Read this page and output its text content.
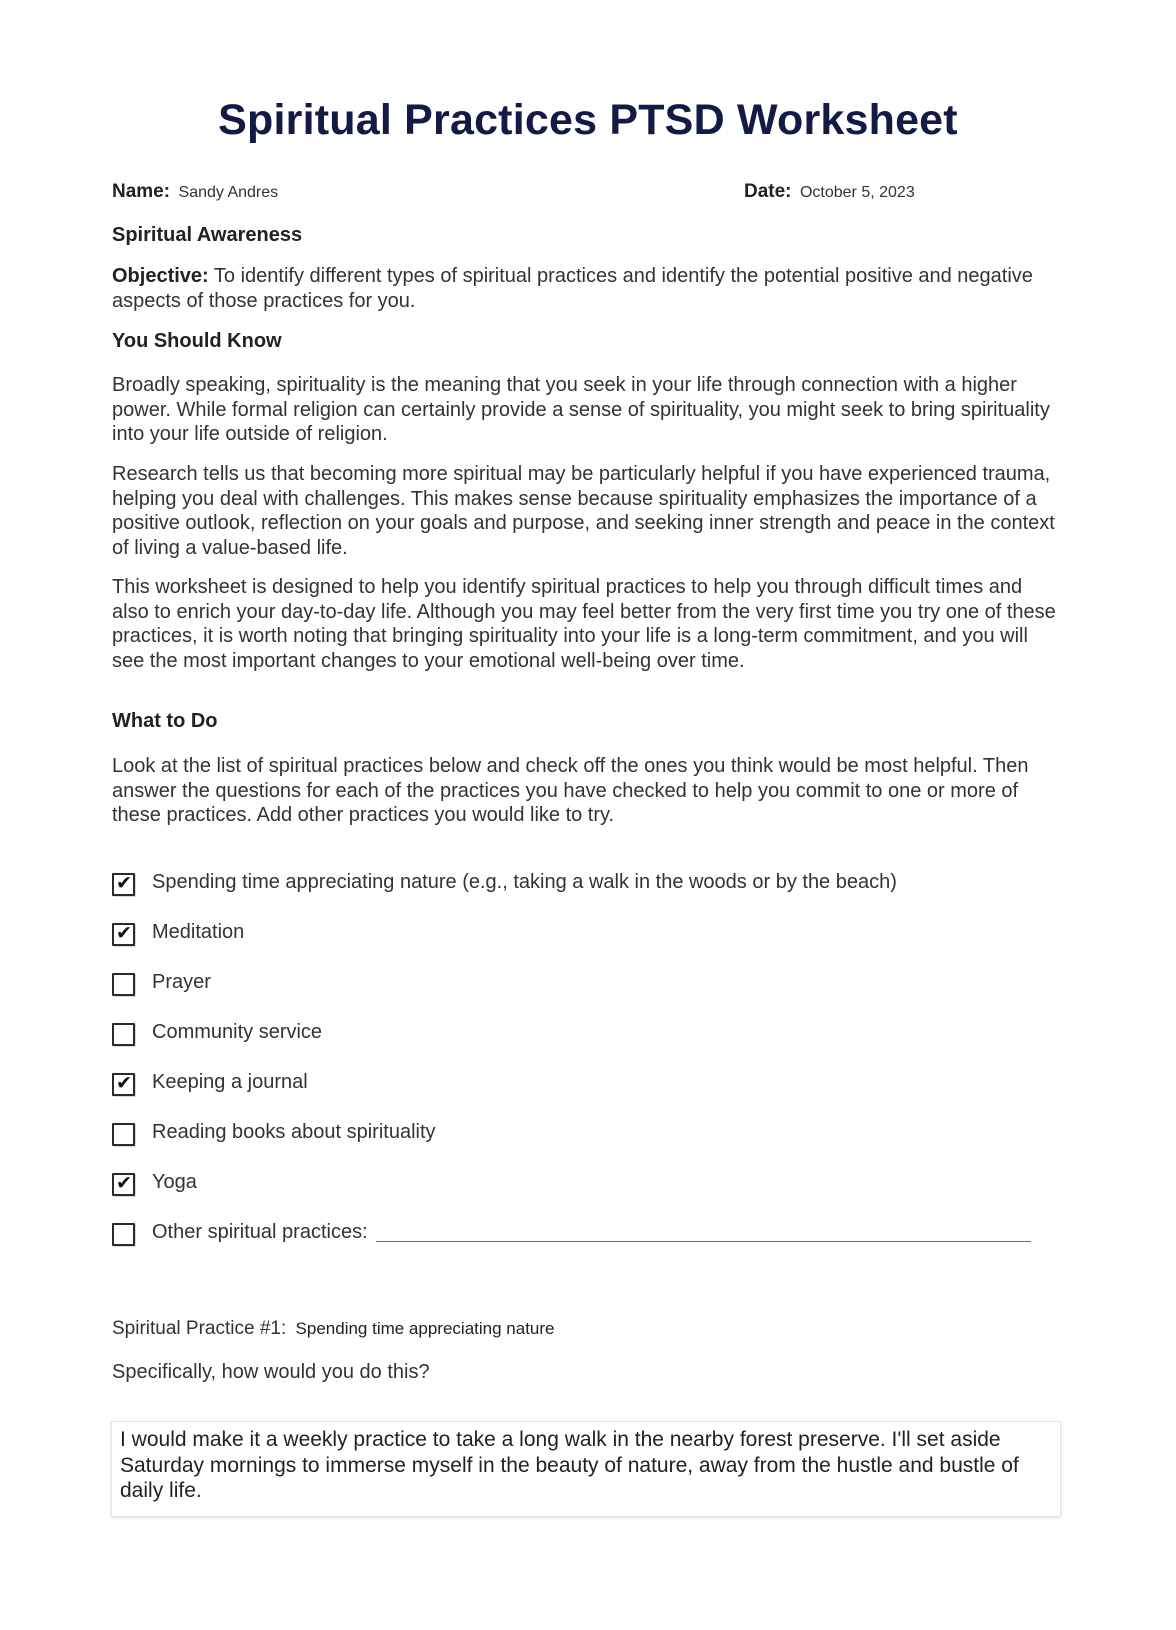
Spiritual Practices PTSD Worksheet
Name: Sandy Andres	Date: October 5, 2023
Spiritual Awareness
Objective: To identify different types of spiritual practices and identify the potential positive and negative aspects of those practices for you.
You Should Know
Broadly speaking, spirituality is the meaning that you seek in your life through connection with a higher power. While formal religion can certainly provide a sense of spirituality, you might seek to bring spirituality into your life outside of religion.
Research tells us that becoming more spiritual may be particularly helpful if you have experienced trauma, helping you deal with challenges. This makes sense because spirituality emphasizes the importance of a positive outlook, reflection on your goals and purpose, and seeking inner strength and peace in the context of living a value-based life.
This worksheet is designed to help you identify spiritual practices to help you through difficult times and also to enrich your day-to-day life. Although you may feel better from the very first time you try one of these practices, it is worth noting that bringing spirituality into your life is a long-term commitment, and you will see the most important changes to your emotional well-being over time.
What to Do
Look at the list of spiritual practices below and check off the ones you think would be most helpful. Then answer the questions for each of the practices you have checked to help you commit to one or more of these practices. Add other practices you would like to try.
✔ Spending time appreciating nature (e.g., taking a walk in the woods or by the beach)
✔ Meditation
Prayer
Community service
✔ Keeping a journal
Reading books about spirituality
✔ Yoga
Other spiritual practices:
Spiritual Practice #1: Spending time appreciating nature
Specifically, how would you do this?
I would make it a weekly practice to take a long walk in the nearby forest preserve. I'll set aside Saturday mornings to immerse myself in the beauty of nature, away from the hustle and bustle of daily life.
